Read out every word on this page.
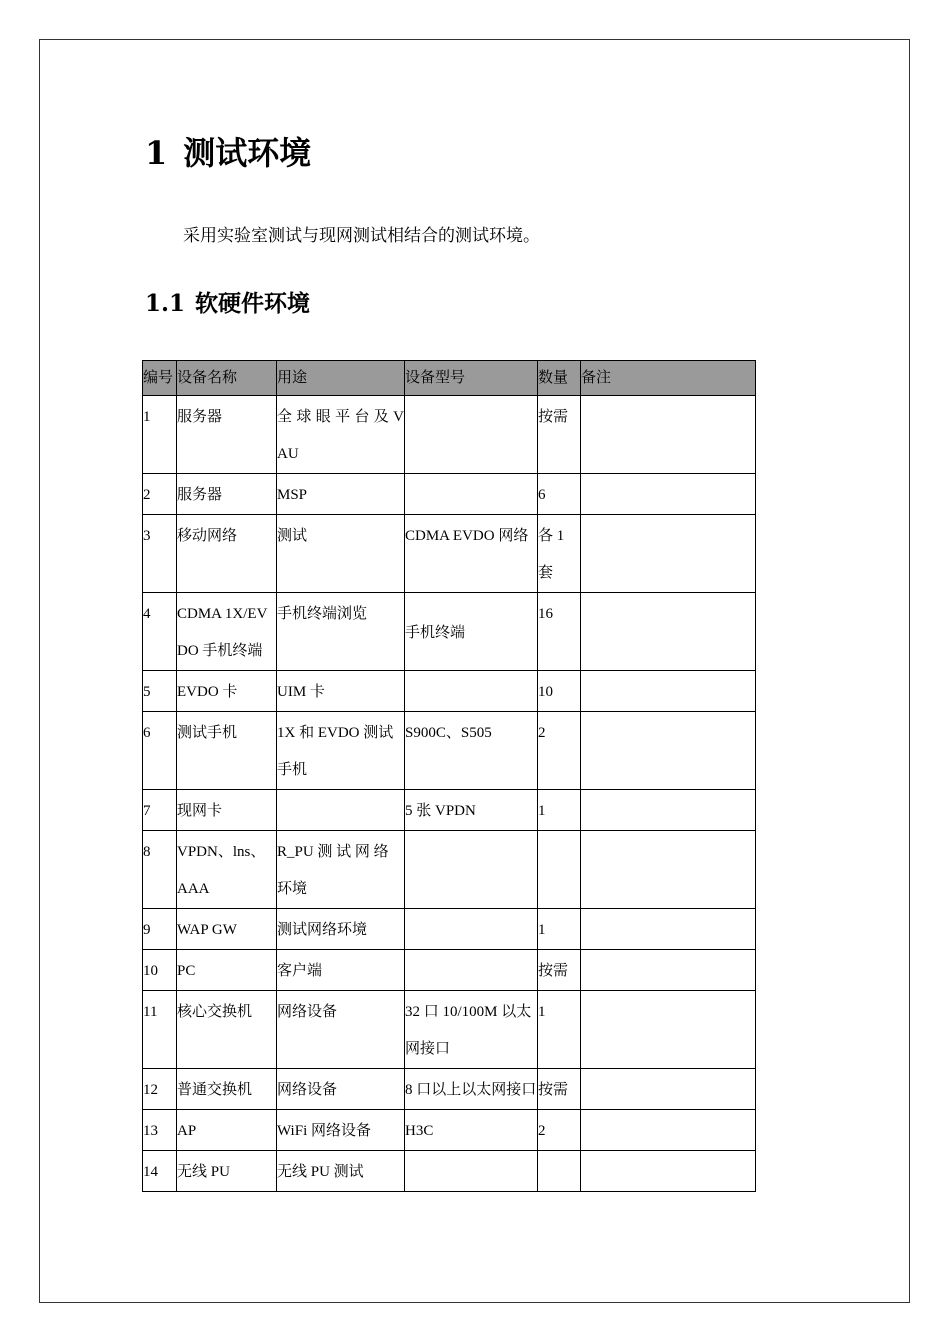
1 测试环境

采用实验室测试与现网测试相结合的测试环境。

1.1 软硬件环境
编号	设备名称	用途	设备型号	数量	备注
1	服务器	全 球 眼 平 台 及 VAU		按需	
2	服务器	MSP		6	
3	移动网络	测试	CDMA EVDO 网络	各 1 套	
4	CDMA 1X/EVDO 手机终端	手机终端浏览	手机终端	16	
5	EVDO 卡	UIM 卡		10	
6	测试手机	1X 和 EVDO 测试手机	S900C、S505	2	
7	现网卡		5 张 VPDN	1	
8	VPDN、lns、AAA	R_PU 测 试 网 络 环境			
9	WAP GW	测试网络环境		1	
10	PC	客户端		按需	
11	核心交换机	网络设备	32 口 10/100M 以太网接口	1	
12	普通交换机	网络设备	8 口以上以太网接口	按需	
13	AP	WiFi 网络设备	H3C	2	
14	无线 PU	无线 PU 测试			
